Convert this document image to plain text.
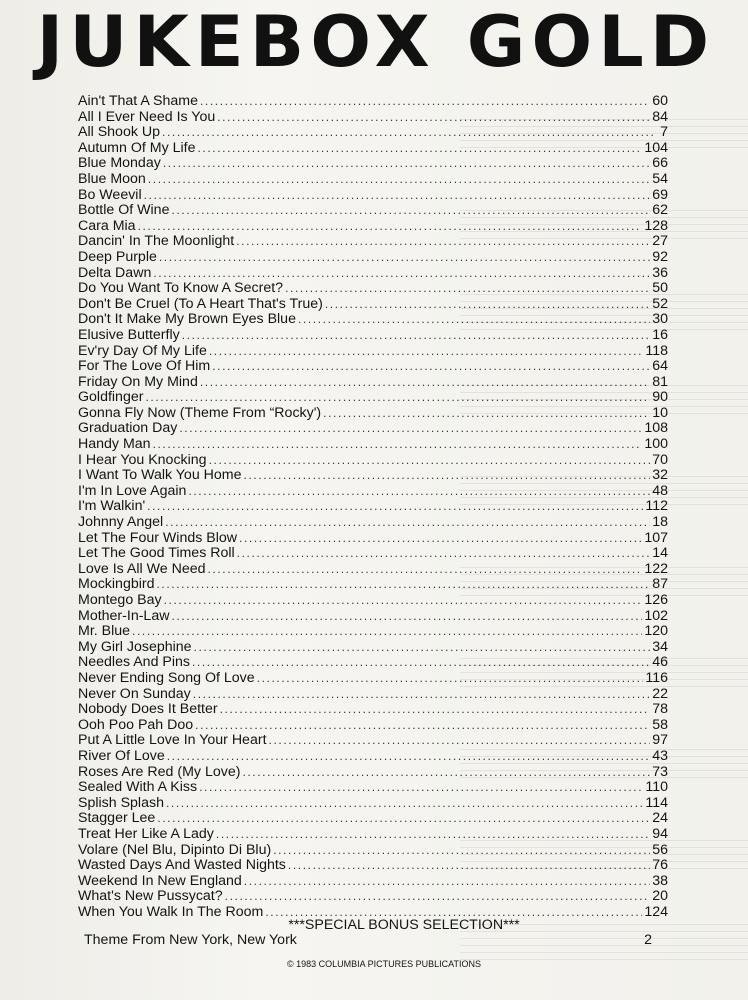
JUKEBOX GOLD
Ain't That A Shame .....	60
All I Ever Need Is You .....	84
All Shook Up .....	7
Autumn Of My Life .....	104
Blue Monday .....	66
Blue Moon .....	54
Bo Weevil .....	69
Bottle Of Wine .....	62
Cara Mia .....	128
Dancin' In The Moonlight .....	27
Deep Purple .....	92
Delta Dawn .....	36
Do You Want To Know A Secret? .....	50
Don't Be Cruel (To A Heart That's True) .....	52
Don't It Make My Brown Eyes Blue .....	30
Elusive Butterfly .....	16
Ev'ry Day Of My Life .....	118
For The Love Of Him .....	64
Friday On My Mind .....	81
Goldfinger .....	90
Gonna Fly Now (Theme From “Rocky') .....	10
Graduation Day .....	108
Handy Man .....	100
I Hear You Knocking .....	70
I Want To Walk You Home .....	32
I'm In Love Again .....	48
I'm Walkin' .....	112
Johnny Angel .....	18
Let The Four Winds Blow .....	107
Let The Good Times Roll .....	14
Love Is All We Need .....	122
Mockingbird .....	87
Montego Bay .....	126
Mother-In-Law .....	102
Mr. Blue .....	120
My Girl Josephine .....	34
Needles And Pins .....	46
Never Ending Song Of Love .....	116
Never On Sunday .....	22
Nobody Does It Better .....	78
Ooh Poo Pah Doo .....	58
Put A Little Love In Your Heart .....	97
River Of Love .....	43
Roses Are Red (My Love) .....	73
Sealed With A Kiss .....	110
Splish Splash .....	114
Stagger Lee .....	24
Treat Her Like A Lady .....	94
Volare (Nel Blu, Dipinto Di Blu) .....	56
Wasted Days And Wasted Nights .....	76
Weekend In New England .....	38
What's New Pussycat? .....	20
When You Walk In The Room .....	124

***SPECIAL BONUS SELECTION***

Theme From New York, New York	2

© 1983 COLUMBIA PICTURES PUBLICATIONS
